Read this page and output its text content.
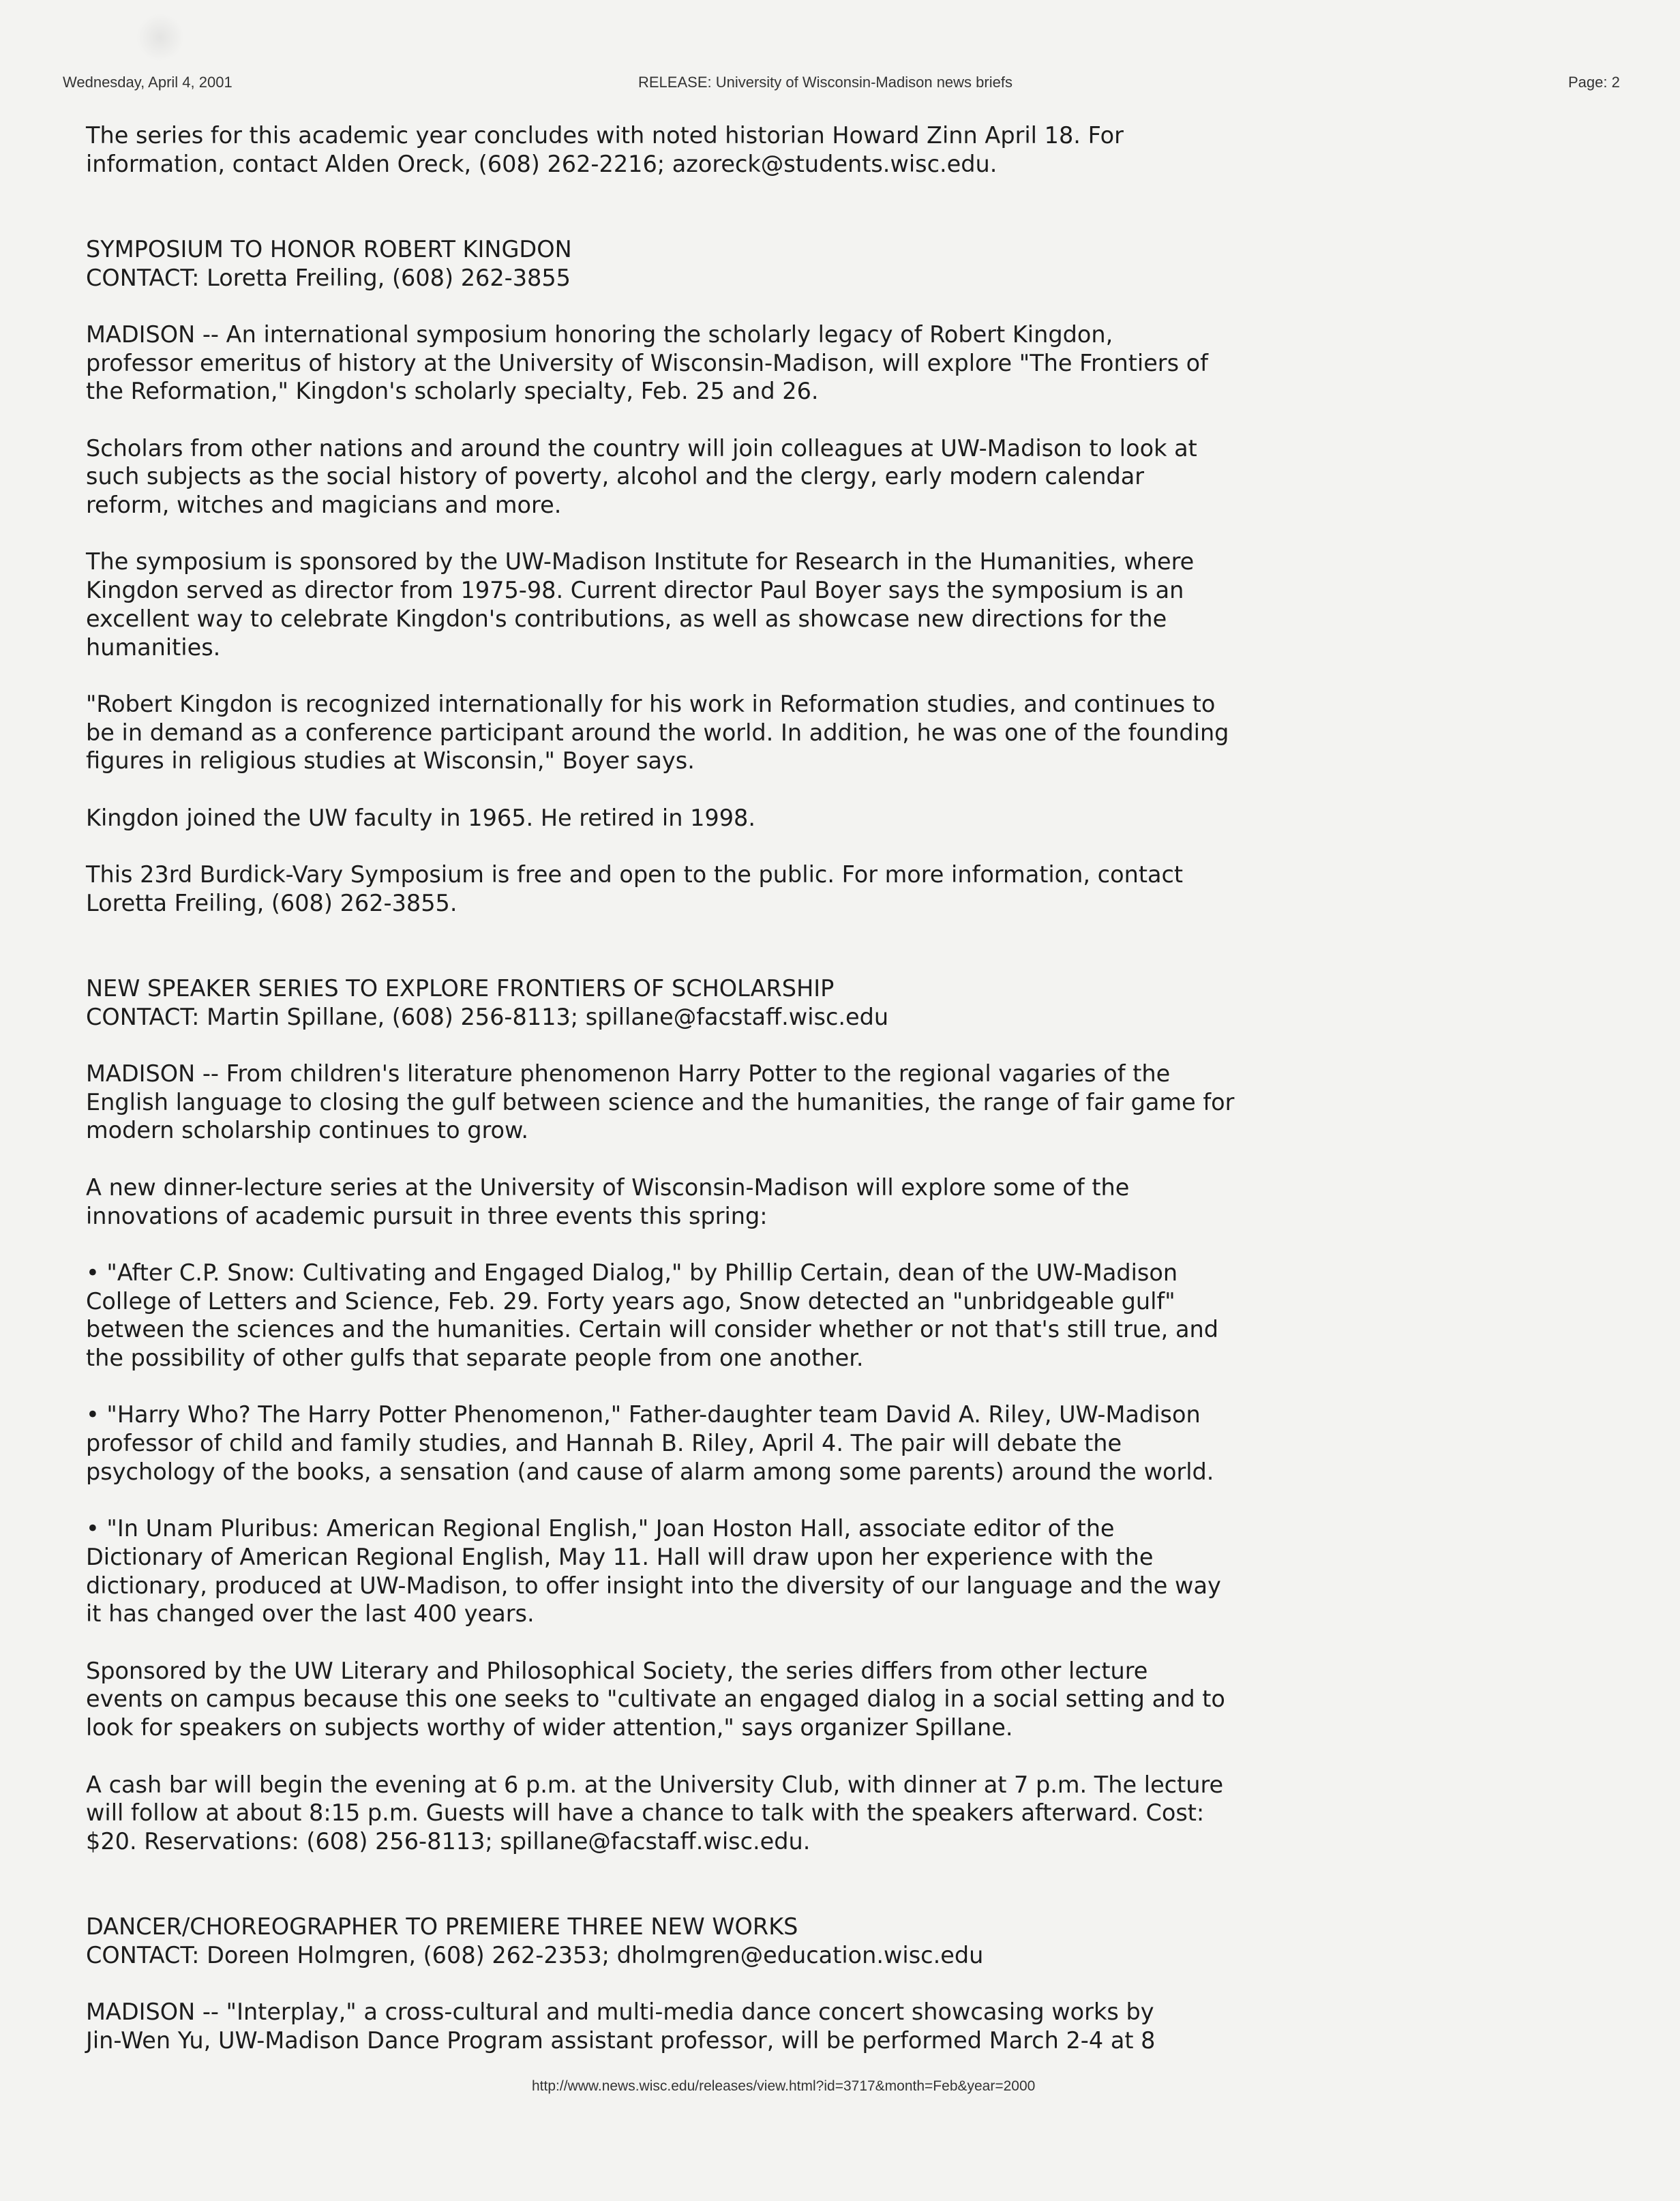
Wednesday, April 4, 2001	RELEASE: University of Wisconsin-Madison news briefs	Page: 2

The series for this academic year concludes with noted historian Howard Zinn April 18. For
information, contact Alden Oreck, (608) 262-2216; azoreck@students.wisc.edu.

SYMPOSIUM TO HONOR ROBERT KINGDON

CONTACT: Loretta Freiling, (608) 262-3855

MADISON -- An international symposium honoring the scholarly legacy of Robert Kingdon,
professor emeritus of history at the University of Wisconsin-Madison, will explore "The Frontiers of
the Reformation," Kingdon's scholarly specialty, Feb. 25 and 26.

Scholars from other nations and around the country will join colleagues at UW-Madison to look at
such subjects as the social history of poverty, alcohol and the clergy, early modern calendar
reform, witches and magicians and more.

The symposium is sponsored by the UW-Madison Institute for Research in the Humanities, where
Kingdon served as director from 1975-98. Current director Paul Boyer says the symposium is an
excellent way to celebrate Kingdon's contributions, as well as showcase new directions for the
humanities.

"Robert Kingdon is recognized internationally for his work in Reformation studies, and continues to
be in demand as a conference participant around the world. In addition, he was one of the founding
figures in religious studies at Wisconsin," Boyer says.

Kingdon joined the UW faculty in 1965. He retired in 1998.

This 23rd Burdick-Vary Symposium is free and open to the public. For more information, contact
Loretta Freiling, (608) 262-3855.

NEW SPEAKER SERIES TO EXPLORE FRONTIERS OF SCHOLARSHIP

CONTACT: Martin Spillane, (608) 256-8113; spillane@facstaff.wisc.edu

MADISON -- From children's literature phenomenon Harry Potter to the regional vagaries of the
English language to closing the gulf between science and the humanities, the range of fair game for
modern scholarship continues to grow.

A new dinner-lecture series at the University of Wisconsin-Madison will explore some of the
innovations of academic pursuit in three events this spring:

• "After C.P. Snow: Cultivating and Engaged Dialog," by Phillip Certain, dean of the UW-Madison
College of Letters and Science, Feb. 29. Forty years ago, Snow detected an "unbridgeable gulf"
between the sciences and the humanities. Certain will consider whether or not that's still true, and
the possibility of other gulfs that separate people from one another.

• "Harry Who? The Harry Potter Phenomenon," Father-daughter team David A. Riley, UW-Madison
professor of child and family studies, and Hannah B. Riley, April 4. The pair will debate the
psychology of the books, a sensation (and cause of alarm among some parents) around the world.

• "In Unam Pluribus: American Regional English," Joan Hoston Hall, associate editor of the
Dictionary of American Regional English, May 11. Hall will draw upon her experience with the
dictionary, produced at UW-Madison, to offer insight into the diversity of our language and the way
it has changed over the last 400 years.

Sponsored by the UW Literary and Philosophical Society, the series differs from other lecture
events on campus because this one seeks to "cultivate an engaged dialog in a social setting and to
look for speakers on subjects worthy of wider attention," says organizer Spillane.

A cash bar will begin the evening at 6 p.m. at the University Club, with dinner at 7 p.m. The lecture
will follow at about 8:15 p.m. Guests will have a chance to talk with the speakers afterward. Cost:
$20. Reservations: (608) 256-8113; spillane@facstaff.wisc.edu.

DANCER/CHOREOGRAPHER TO PREMIERE THREE NEW WORKS

CONTACT: Doreen Holmgren, (608) 262-2353; dholmgren@education.wisc.edu

MADISON -- "Interplay," a cross-cultural and multi-media dance concert showcasing works by
Jin-Wen Yu, UW-Madison Dance Program assistant professor, will be performed March 2-4 at 8

http://www.news.wisc.edu/releases/view.html?id=3717&month=Feb&year=2000
